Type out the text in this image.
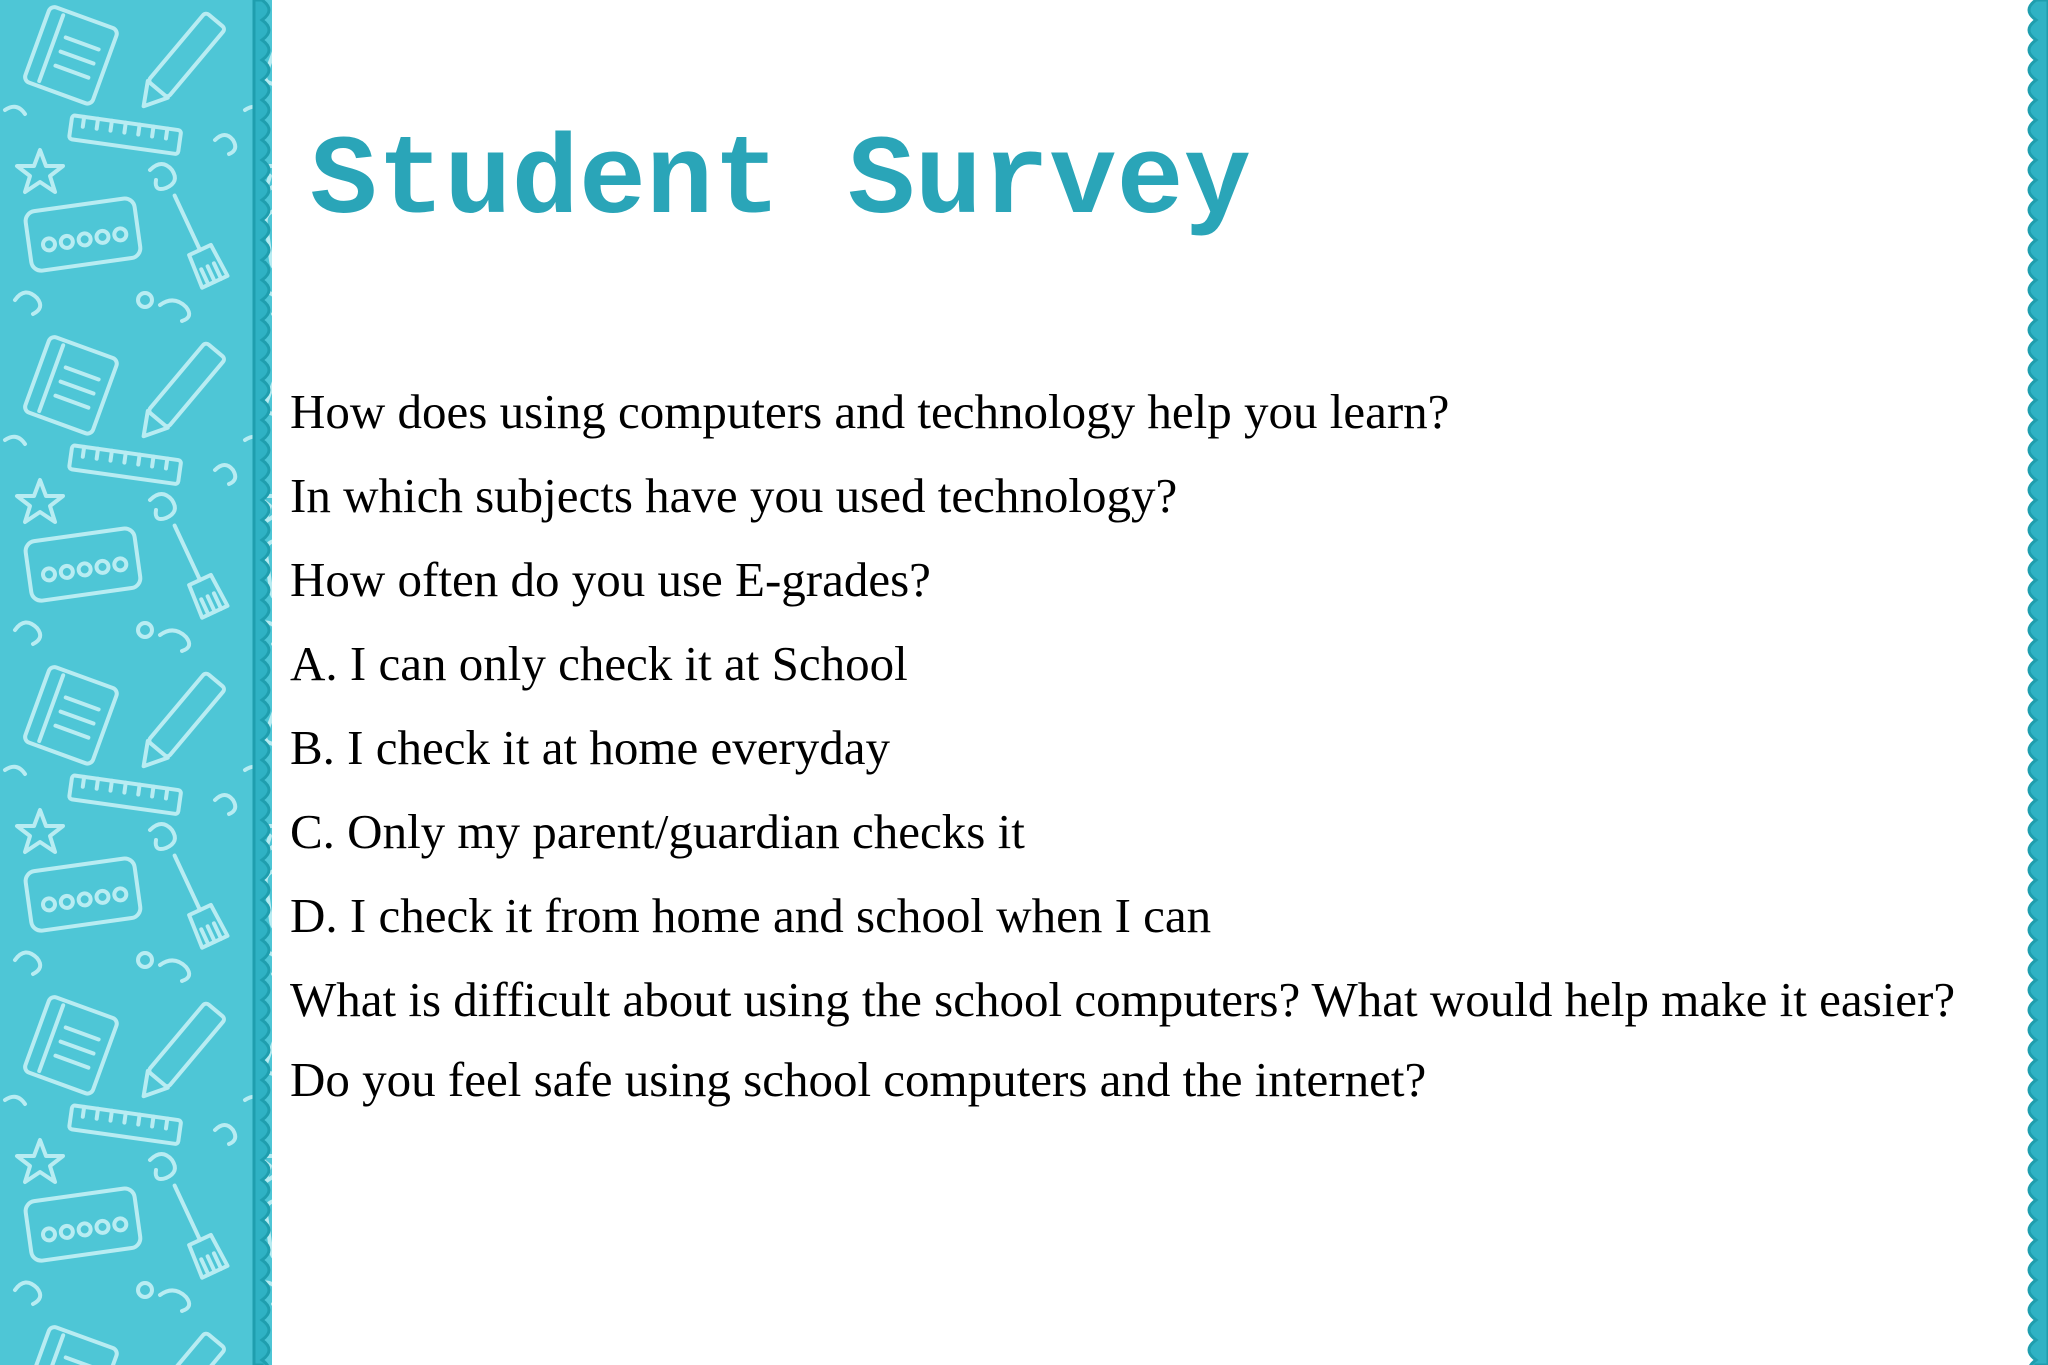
Student Survey
How does using computers and technology help you learn?
In which subjects have you used technology?
How often do you use E-grades?
A. I can only check it at School
B. I check it at home everyday
C. Only my parent/guardian checks it
D. I check it from home and school when I can
What is difficult about using the school computers? What would help make it easier?
Do you feel safe using school computers and the internet?
